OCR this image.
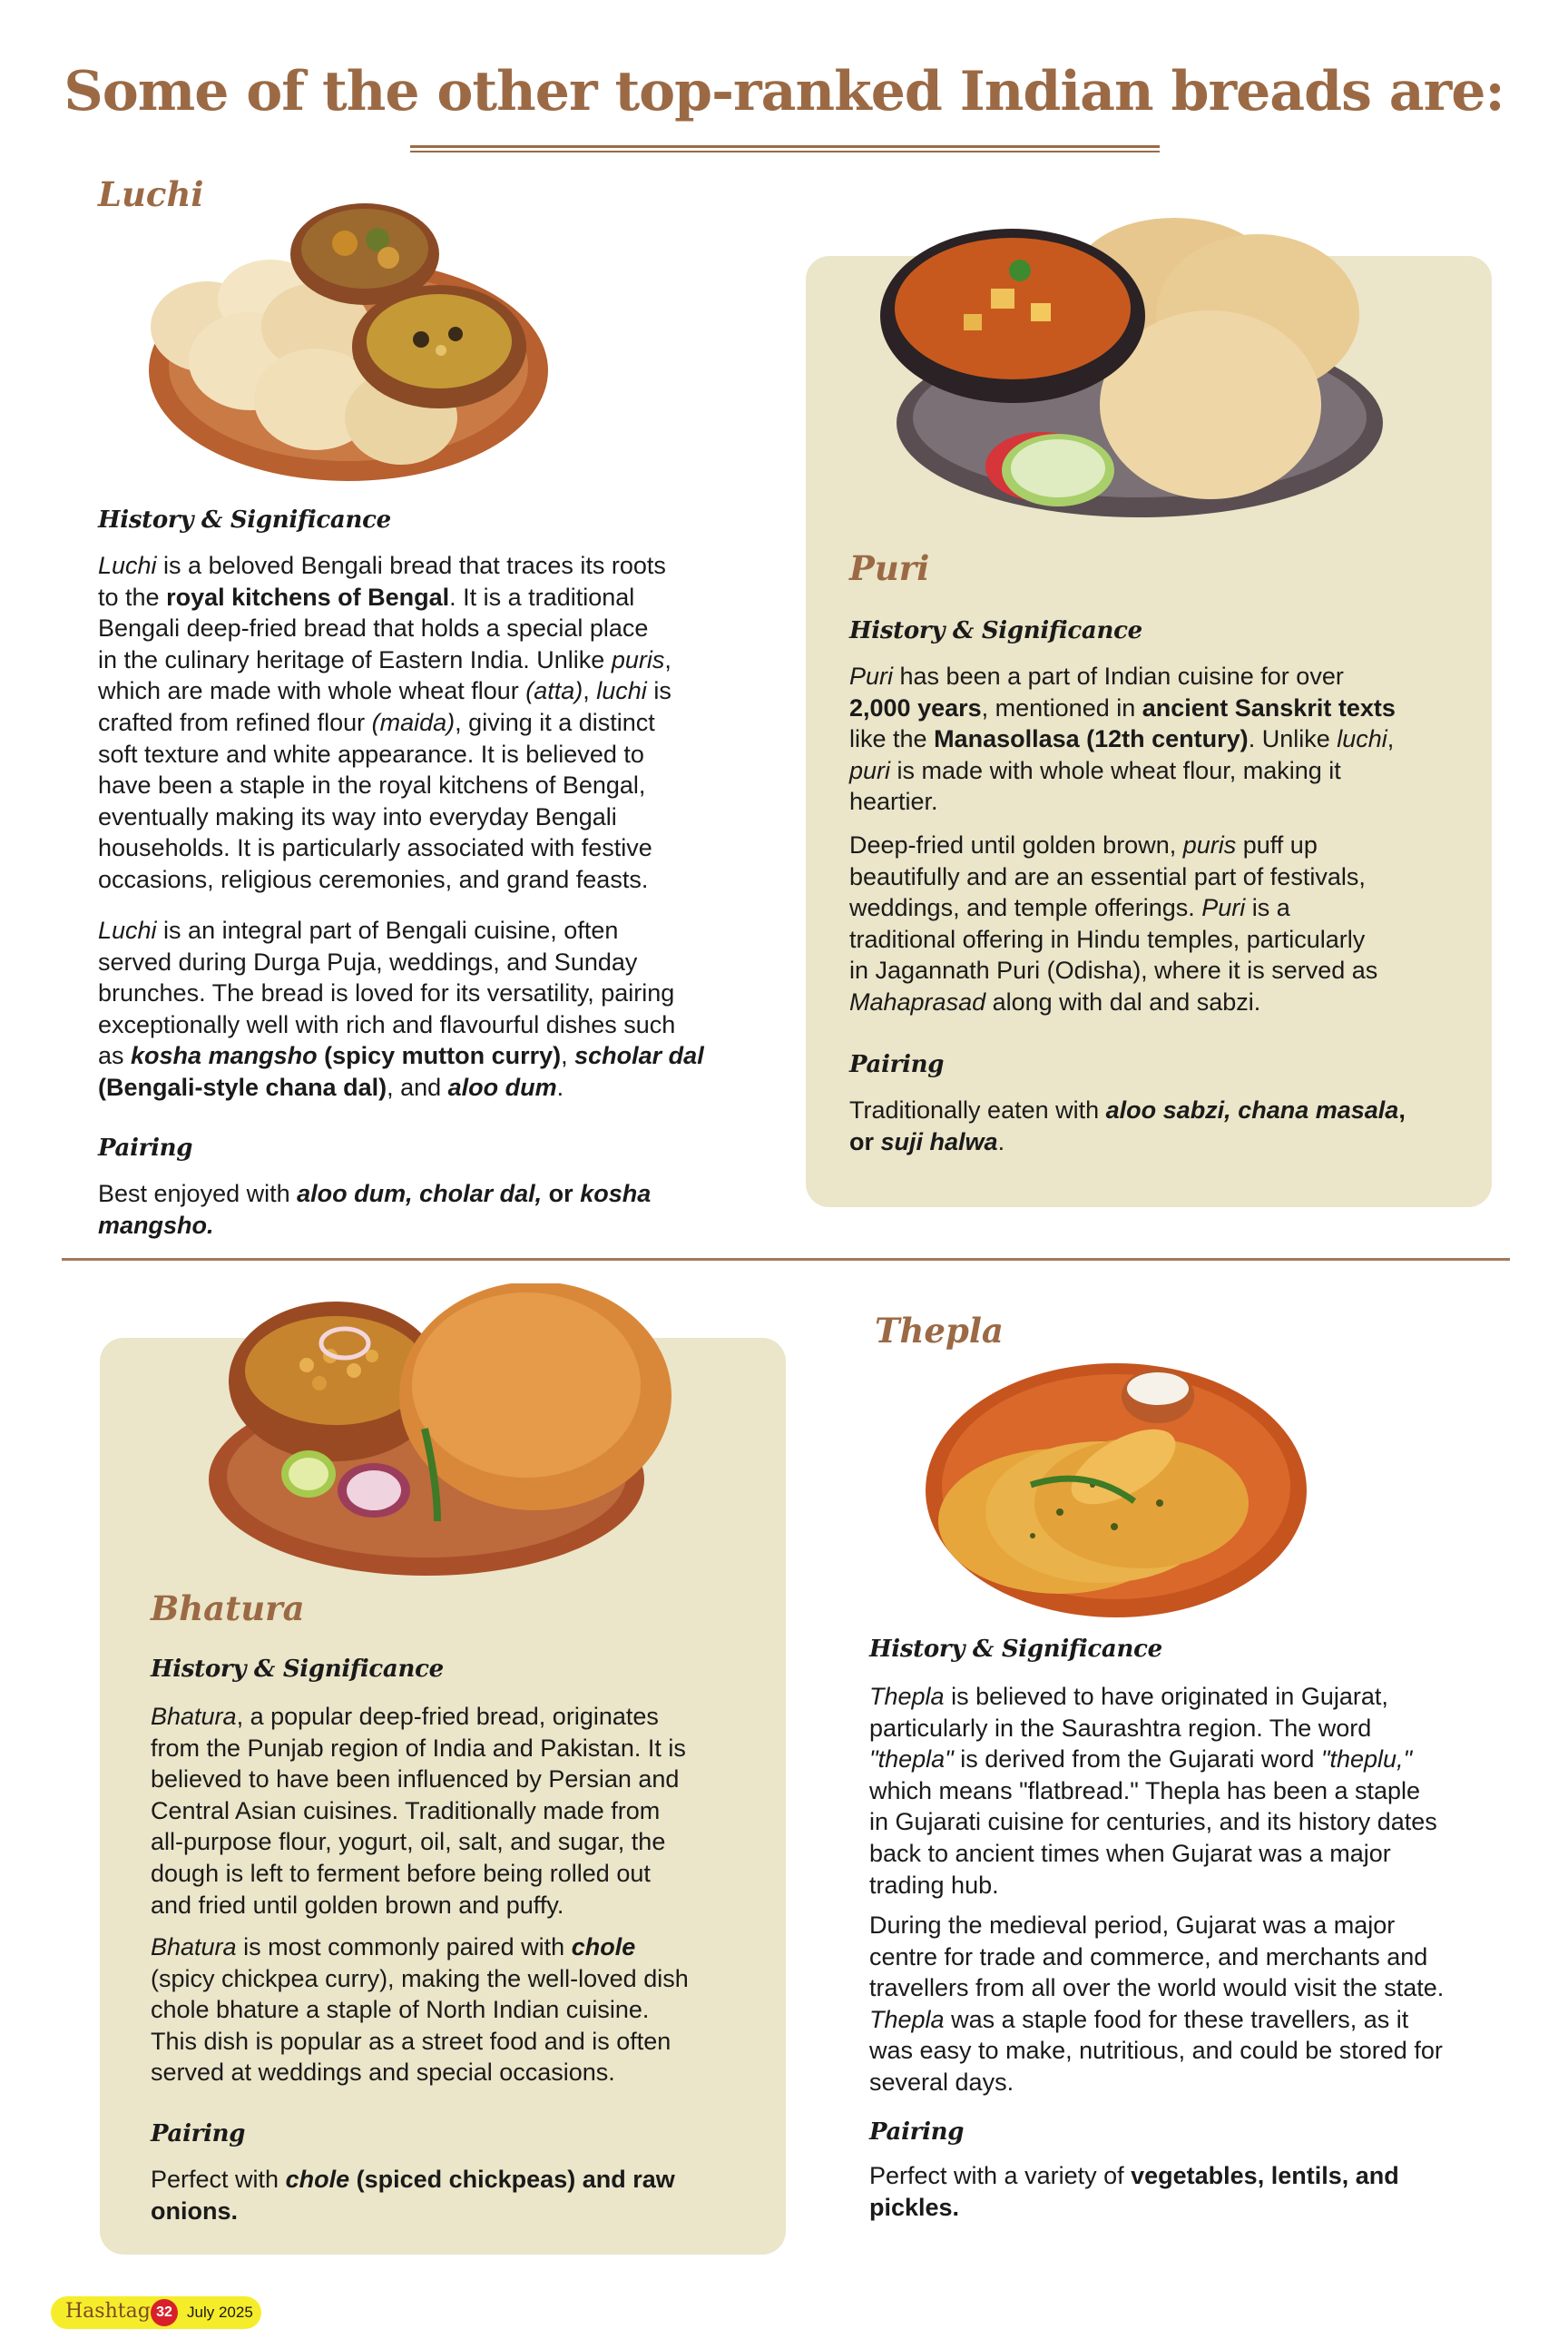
Some of the other top-ranked Indian breads are:
Luchi
History & Significance
Luchi is a beloved Bengali bread that traces its roots
to the royal kitchens of Bengal. It is a traditional
Bengali deep-fried bread that holds a special place
in the culinary heritage of Eastern India. Unlike puris,
which are made with whole wheat flour (atta), luchi is
crafted from refined flour (maida), giving it a distinct
soft texture and white appearance. It is believed to
have been a staple in the royal kitchens of Bengal,
eventually making its way into everyday Bengali
households. It is particularly associated with festive
occasions, religious ceremonies, and grand feasts.
Luchi is an integral part of Bengali cuisine, often
served during Durga Puja, weddings, and Sunday
brunches. The bread is loved for its versatility, pairing
exceptionally well with rich and flavourful dishes such
as kosha mangsho (spicy mutton curry), scholar dal
(Bengali-style chana dal), and aloo dum.
Pairing
Best enjoyed with aloo dum, cholar dal, or kosha
mangsho.
Puri
History & Significance
Puri has been a part of Indian cuisine for over
2,000 years, mentioned in ancient Sanskrit texts
like the Manasollasa (12th century). Unlike luchi,
puri is made with whole wheat flour, making it
heartier.
Deep-fried until golden brown, puris puff up
beautifully and are an essential part of festivals,
weddings, and temple offerings. Puri is a
traditional offering in Hindu temples, particularly
in Jagannath Puri (Odisha), where it is served as
Mahaprasad along with dal and sabzi.
Pairing
Traditionally eaten with aloo sabzi, chana masala,
or suji halwa.
Bhatura
History & Significance
Bhatura, a popular deep-fried bread, originates
from the Punjab region of India and Pakistan. It is
believed to have been influenced by Persian and
Central Asian cuisines. Traditionally made from
all-purpose flour, yogurt, oil, salt, and sugar, the
dough is left to ferment before being rolled out
and fried until golden brown and puffy.
Bhatura is most commonly paired with chole
(spicy chickpea curry), making the well-loved dish
chole bhature a staple of North Indian cuisine.
This dish is popular as a street food and is often
served at weddings and special occasions.
Pairing
Perfect with chole (spiced chickpeas) and raw
onions.
Thepla
History & Significance
Thepla is believed to have originated in Gujarat,
particularly in the Saurashtra region. The word
"thepla" is derived from the Gujarati word "theplu,"
which means "flatbread." Thepla has been a staple
in Gujarati cuisine for centuries, and its history dates
back to ancient times when Gujarat was a major
trading hub.
During the medieval period, Gujarat was a major
centre for trade and commerce, and merchants and
travellers from all over the world would visit the state.
Thepla was a staple food for these travellers, as it
was easy to make, nutritious, and could be stored for
several days.
Pairing
Perfect with a variety of vegetables, lentils, and
pickles.
Hashtag 32 July 2025
